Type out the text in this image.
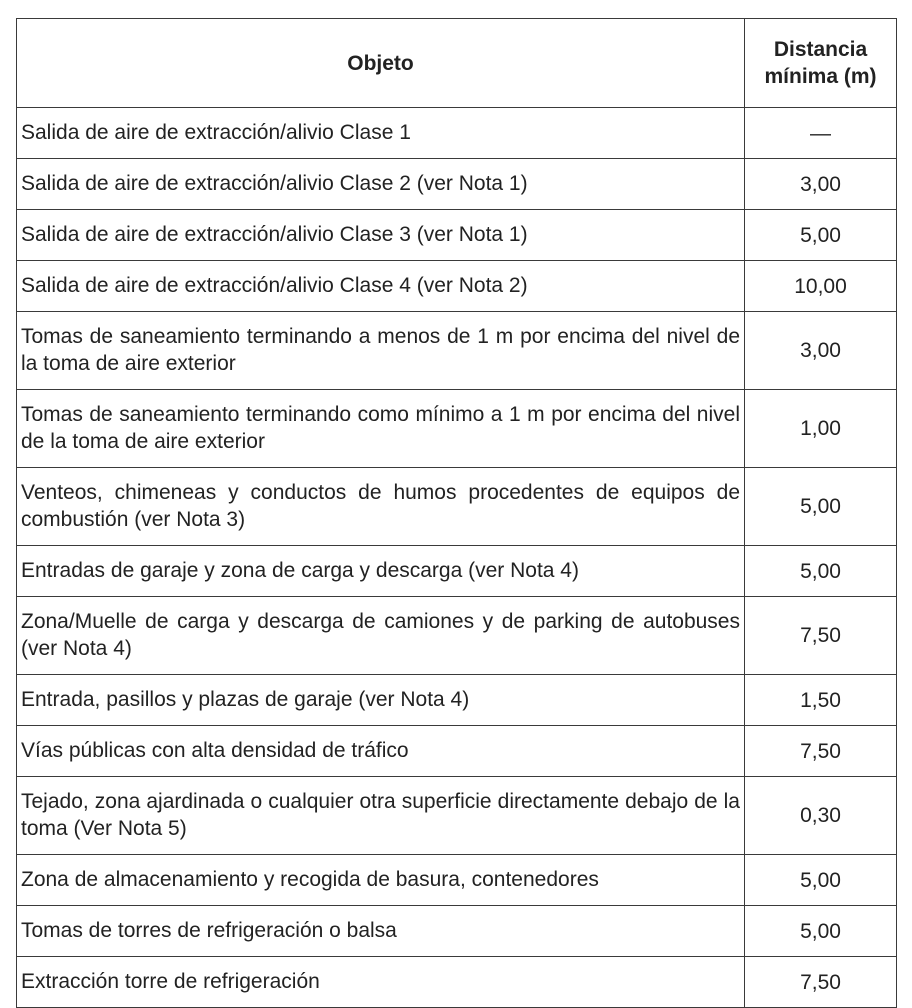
Objeto	Distancia mínima (m)
Salida de aire de extracción/alivio Clase 1	—
Salida de aire de extracción/alivio Clase 2 (ver Nota 1)	3,00
Salida de aire de extracción/alivio Clase 3 (ver Nota 1)	5,00
Salida de aire de extracción/alivio Clase 4 (ver Nota 2)	10,00
Tomas de saneamiento terminando a menos de 1 m por encima del nivel de la toma de aire exterior	3,00
Tomas de saneamiento terminando como mínimo a 1 m por encima del nivel de la toma de aire exterior	1,00
Venteos, chimeneas y conductos de humos procedentes de equipos de combustión (ver Nota 3)	5,00
Entradas de garaje y zona de carga y descarga (ver Nota 4)	5,00
Zona/Muelle de carga y descarga de camiones y de parking de autobuses (ver Nota 4)	7,50
Entrada, pasillos y plazas de garaje (ver Nota 4)	1,50
Vías públicas con alta densidad de tráfico	7,50
Tejado, zona ajardinada o cualquier otra superficie directamente debajo de la toma (Ver Nota 5)	0,30
Zona de almacenamiento y recogida de basura, contenedores	5,00
Tomas de torres de refrigeración o balsa	5,00
Extracción torre de refrigeración	7,50
